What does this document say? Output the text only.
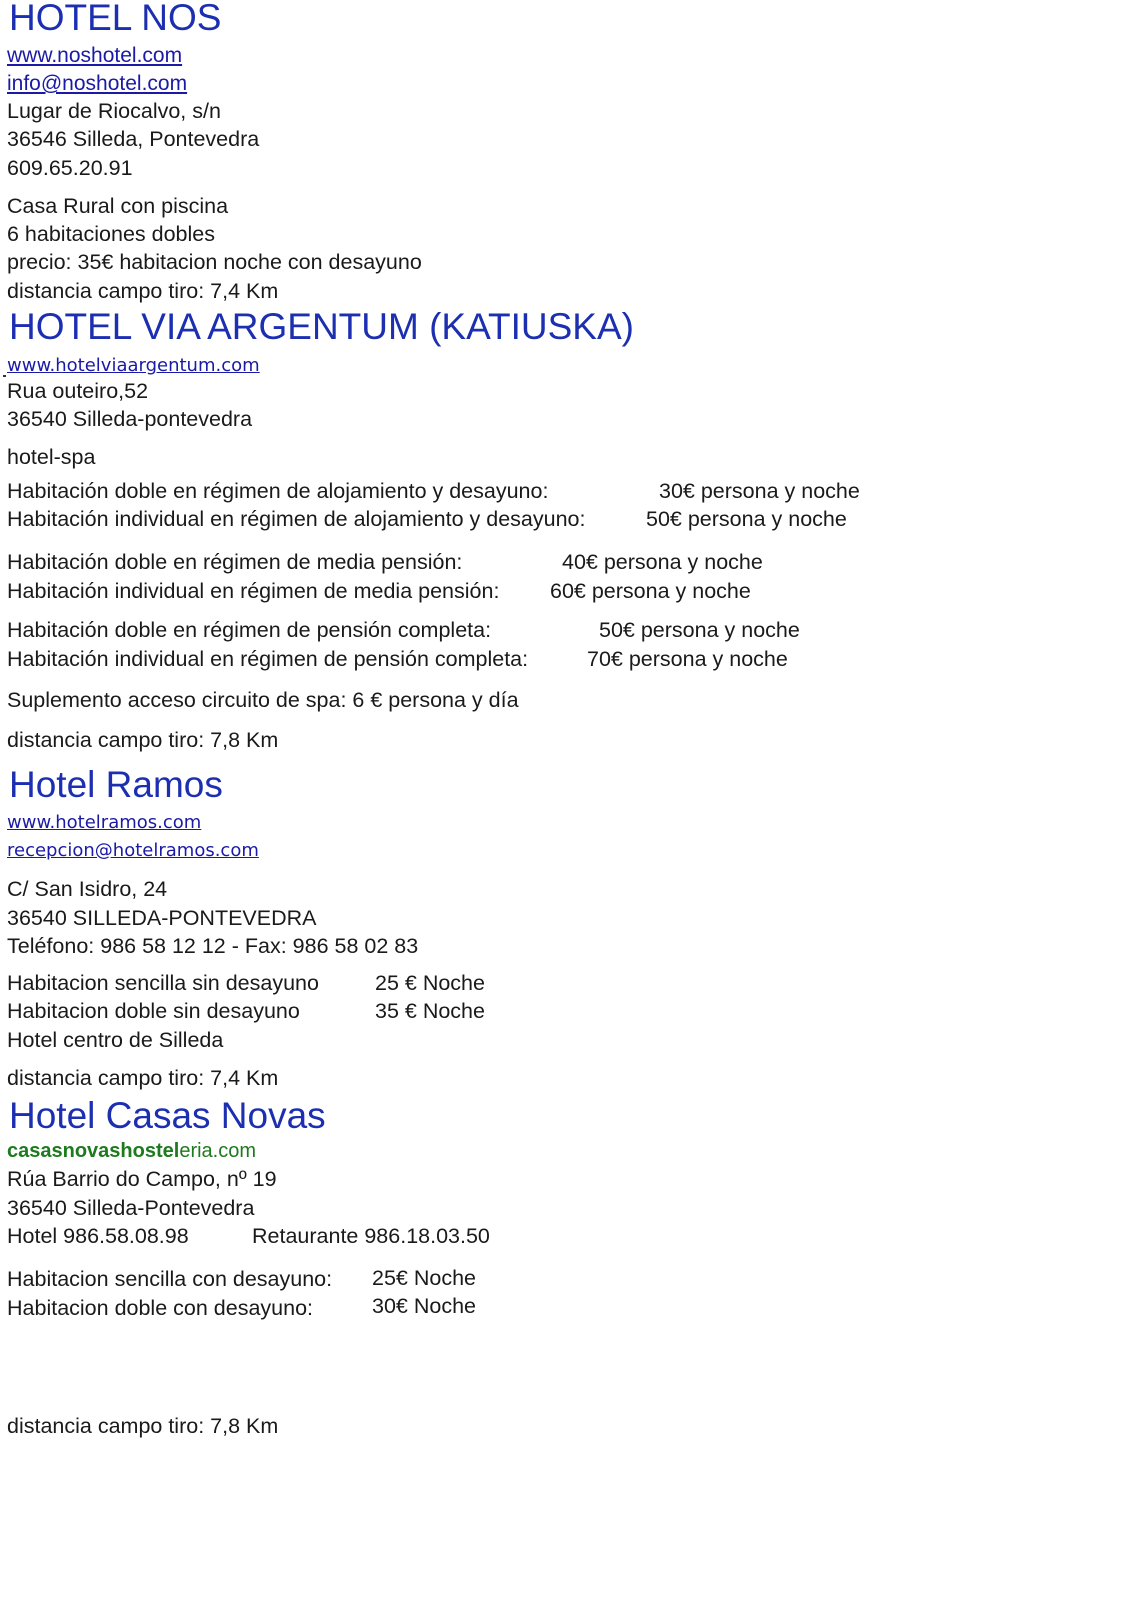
HOTEL NOS
www.noshotel.com
info@noshotel.com
Lugar de Riocalvo, s/n
36546 Silleda, Pontevedra
609.65.20.91
Casa Rural con piscina
6 habitaciones dobles
precio: 35€ habitacion noche con desayuno
distancia campo tiro: 7,4 Km
HOTEL VIA ARGENTUM (KATIUSKA)
www.hotelviaargentum.com
Rua outeiro,52
36540 Silleda-pontevedra
hotel-spa
Habitación doble en régimen de alojamiento y desayuno:	30€ persona y noche
Habitación individual en régimen de alojamiento y desayuno:	50€ persona y noche
Habitación doble en régimen de media pensión:	40€ persona y noche
Habitación individual en régimen de media pensión: 60€ persona y noche
Habitación doble en régimen de pensión completa:	50€ persona y noche
Habitación individual en régimen de pensión completa:	70€ persona y noche
Suplemento acceso circuito de spa: 6 € persona y día
distancia campo tiro: 7,8 Km
Hotel Ramos
www.hotelramos.com
recepcion@hotelramos.com
C/ San Isidro, 24
36540 SILLEDA-PONTEVEDRA
Teléfono: 986 58 12 12 - Fax: 986 58 02 83
Habitacion sencilla sin desayuno	25 € Noche
Habitacion doble sin desayuno	35 € Noche
Hotel centro de Silleda
distancia campo tiro: 7,4 Km
Hotel Casas Novas
casasnovashosteleria.com
Rúa Barrio do Campo, nº 19
36540 Silleda-Pontevedra
Hotel 986.58.08.98	Retaurante 986.18.03.50
Habitacion sencilla con desayuno: 25€ Noche
Habitacion doble con desayuno:	30€ Noche
distancia campo tiro: 7,8 Km
